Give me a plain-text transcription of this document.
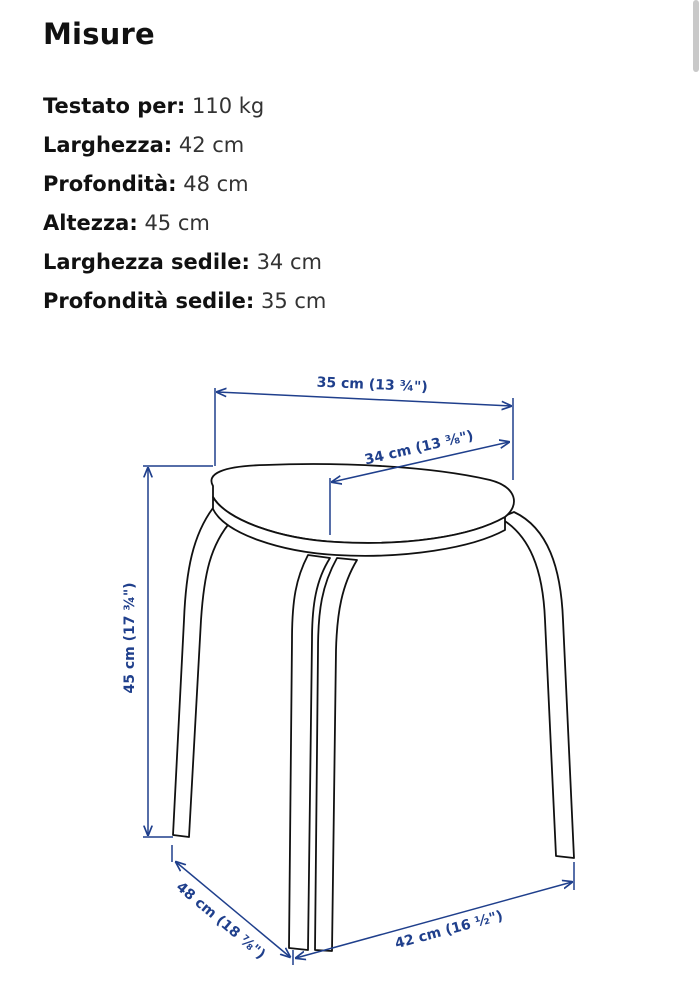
Misure
Testato per: 110 kg
Larghezza: 42 cm
Profondità: 48 cm
Altezza: 45 cm
Larghezza sedile: 34 cm
Profondità sedile: 35 cm
35 cm (13 ¾")
34 cm (13 ⅜")
45 cm (17 ¾")
48 cm (18 ⅞")	42 cm (16 ½")
